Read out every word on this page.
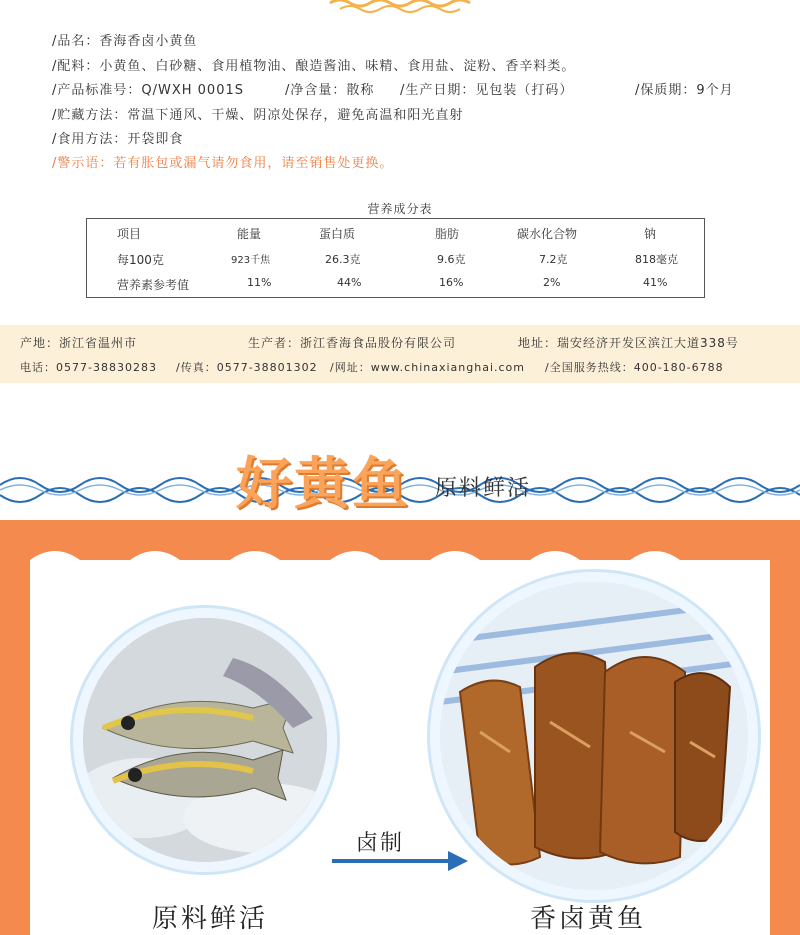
/品名：香海香卤小黄鱼
/配料：小黄鱼、白砂糖、食用植物油、酿造酱油、味精、食用盐、淀粉、香辛料类。
/产品标准号：Q/WXH 0001S	/净含量：散称 /生产日期：见包装（打码）	/保质期：9个月
/贮藏方法：常温下通风、干燥、阴凉处保存，避免高温和阳光直射
/食用方法：开袋即食
/警示语：若有胀包或漏气请勿食用，请至销售处更换。
营养成分表
项目	能量	蛋白质	脂肪	碳水化合物	钠
每100克	923千焦	26.3克	9.6克	7.2克	818毫克
营养素参考值	11%	44%	16%	2%	41%
产地：浙江省温州市	生产者：浙江香海食品股份有限公司	地址：瑞安经济开发区滨江大道338号
电话：0577-38830283 /传真：0577-38801302 /网址：www.chinaxianghai.com /全国服务热线：400-180-6788
好黄鱼 原料鲜活
卤制
原料鲜活	香卤黄鱼
